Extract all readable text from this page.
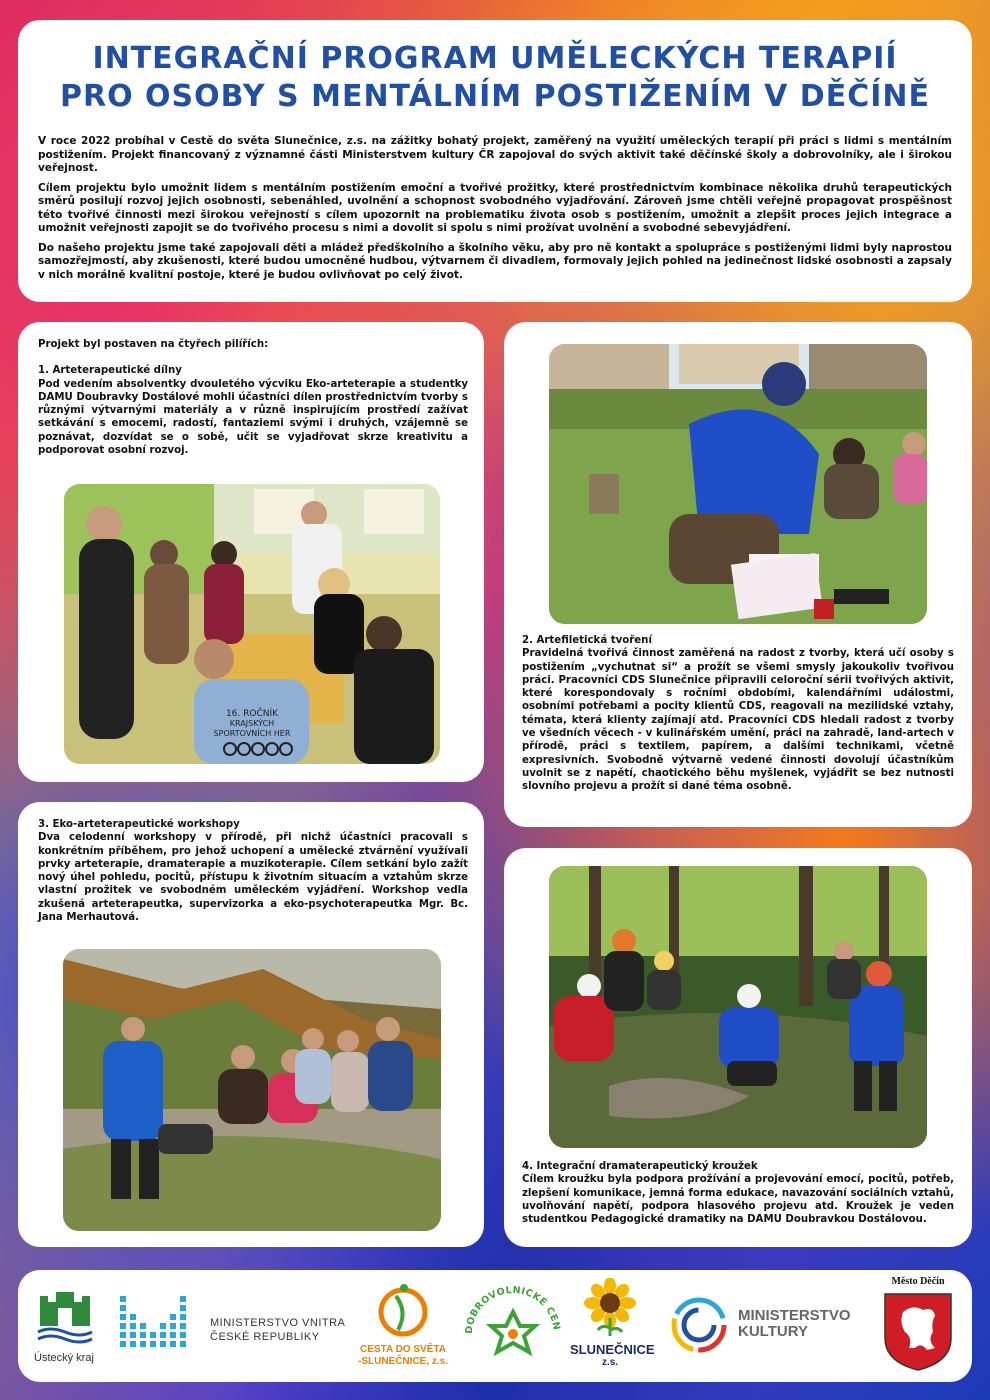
INTEGRAČNÍ PROGRAM UMĚLECKÝCH TERAPIÍ
PRO OSOBY S MENTÁLNÍM POSTIŽENÍM V DĚČÍNĚ

V roce 2022 probíhal v Cestě do světa Slunečnice, z.s. na zážitky bohatý projekt, zaměřený na využití uměleckých terapií při práci s lidmi s mentálním postižením. Projekt financovaný z významné části Ministerstvem kultury ČR zapojoval do svých aktivit také děčínské školy a dobrovolníky, ale i širokou veřejnost.

Cílem projektu bylo umožnit lidem s mentálním postižením emoční a tvořivé prožitky, které prostřednictvím kombinace několika druhů terapeutických směrů posilují rozvoj jejich osobnosti, sebenáhled, uvolnění a schopnost svobodného vyjadřování. Zároveň jsme chtěli veřejně propagovat prospěšnost této tvořivé činnosti mezi širokou veřejností s cílem upozornit na problematiku života osob s postižením, umožnit a zlepšit proces jejich integrace a umožnit veřejnosti zapojit se do tvořivého procesu s nimi a dovolit si spolu s nimi prožívat uvolnění a svobodné sebevyjádření.

Do našeho projektu jsme také zapojovali děti a mládež předškolního a školního věku, aby pro ně kontakt a spolupráce s postiženými lidmi byly naprostou samozřejmostí, aby zkušenosti, které budou umocněné hudbou, výtvarnem či divadlem, formovaly jejich pohled na jedinečnost lidské osobnosti a zapsaly v nich morálně kvalitní postoje, které je budou ovlivňovat po celý život.

Projekt byl postaven na čtyřech pilířích:

1. Arteterapeutické dílny

Pod vedením absolventky dvouletého výcviku Eko-arteterapie a studentky DAMU Doubravky Dostálové mohli účastníci dílen prostřednictvím tvorby s různými výtvarnými materiály a v různě inspirujícím prostředí zažívat setkávání s emocemi, radostí, fantaziemi svými i druhých, vzájemně se poznávat, dozvídat se o sobě, učit se vyjadřovat skrze kreativitu a podporovat osobní rozvoj.

16. ROČNÍK
KRAJSKÝCH
SPORTOVNÍCH HER

2. Artefiletická tvoření

Pravidelná tvořivá činnost zaměřená na radost z tvorby, která učí osoby s postižením „vychutnat si“ a prožít se všemi smysly jakoukoliv tvořivou práci. Pracovníci CDS Slunečnice připravili celoroční sérii tvořivých aktivit, které korespondovaly s ročními obdobími, kalendářními událostmi, osobními potřebami a pocity klientů CDS, reagovali na mezilidské vztahy, témata, která klienty zajímají atd. Pracovníci CDS hledali radost z tvorby ve všedních věcech - v kulinářském umění, práci na zahradě, land-artech v přírodě, práci s textilem, papírem, a dalšími technikami, včetně expresivních. Svobodně výtvarně vedené činnosti dovolují účastníkům uvolnit se z napětí, chaotického běhu myšlenek, vyjádřit se bez nutnosti slovního projevu a prožít si dané téma osobně.

3. Eko-arteterapeutické workshopy

Dva celodenní workshopy v přírodě, při nichž účastníci pracovali s konkrétním příběhem, pro jehož uchopení a umělecké ztvárnění využívali prvky arteterapie, dramaterapie a muzikoterapie. Cílem setkání bylo zažít nový úhel pohledu, pocitů, přístupu k životním situacím a vztahům skrze vlastní prožitek ve svobodném uměleckém vyjádření. Workshop vedla zkušená arteterapeutka, supervizorka a eko-psychoterapeutka Mgr. Bc. Jana Merhautová.

4. Integrační dramaterapeutický kroužek

Cílem kroužku byla podpora prožívání a projevování emocí, pocitů, potřeb, zlepšení komunikace, jemná forma edukace, navazování sociálních vztahů, uvolňování napětí, podpora hlasového projevu atd. Kroužek je veden studentkou Pedagogické dramatiky na DAMU Doubravkou Dostálovou.

Ústecký kraj
MINISTERSTVO VNITRA
ČESKÉ REPUBLIKY
CESTA DO SVĚTA
-SLUNEČNICE, z.s.
DOBROVOLNICKÉ CEN
SLUNEČNICE
z.s.
MINISTERSTVO
KULTURY
Město Děčín
